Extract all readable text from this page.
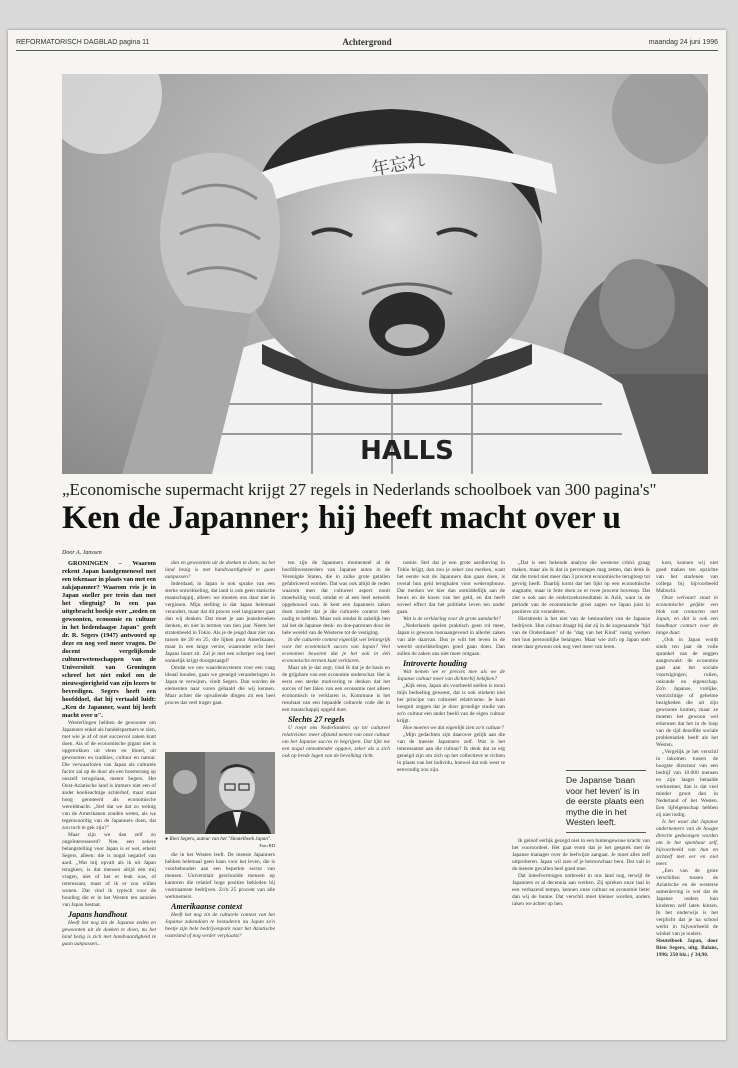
REFORMATORISCH DAGBLAD pagina 11	Achtergrond	maandag 24 juni 1996
年忘れ
HALLS
„Economische supermacht krijgt 27 regels in Nederlands schoolboek van 300 pagina's"
Ken de Japanner; hij heeft macht over u
Door A. Janssen

GRONINGEN – Waarom rekent Japan handgemenesel met een tekenaar in plaats van met een zakjapanner? Waarom reis je in Japan sneller per trein dan met het vliegtuig? In een pas uitgebracht boekje over „zeden en gewoonten, economie en cultuur in het hedendaagse Japan" geeft dr. R. Segers (1947) antwoord op deze en nog veel meer vragen. De docent vergelijkende cultuurwetenschappen van de Universiteit van Groningen schreef het niet enkel om de nieuwsgierigheid van zijn lezers te bevredigen. Segers heeft een hoofddoel, dat hij vertaald luidt: „Ken de Japanner, want hij heeft macht over u".

Westerlingen hebben de gewoonte om Japanners enkel als handelspartners te zien, met wie je af of niet succesvol zaken kunt doen. Als of de economische gigant niet is opgetrokken uit vlees en bloed, uit gewoonten en tradities, cultuur en natuur. Die verwaarlozen van Japan als culturele factor zal op de duur als een boemerang op onszelf terugslaan, meent Segers. Het Oost-Aziatische land is immers niet een of ander koelieachtige achterhof, maar staat hoog genoteerd als economische wereldmacht. „Stel dat we dat zo weinig van de Amerikanen zouden weten, als we tegenwoordig van de Japanners doen, dat zou toch te gek zijn?"

Maar zijn we dan zelf zo ongeïnteresseerd? Nee, een zekere belangstelling voor Japan is er wel, erkent Segers, alleen: die is nogal negatief van aard. „Wat mij opvalt als ik uit Japan terugkeer, is dat mensen altijd één mij vragen, niet of het er leuk was, of interessant, maar of ik er zou willen wonen. Dat vind ik typisch voor de houding die er in het Westen ten aanzien van Japan bestaat.

Japans handhout

Heeft het nog zin de Japanse zeden en gewoonten uit de doeken te doen, nu het land bezig is zich met handvaardigheid te gaan aanpassen...

dan en gewoonten uit de doeken te doen, nu het land bezig is met handvaardigheid te gaan aanpassen?

Inderdaad, in Japan is ook sprake van een sterke ontwikkeling, dat land is ook geen statische maatschappij, alleen: we moeten ons daar niet in vergissen. Mijn stelling is dat Japan helemaal verandert, maar dat dit proces veel langzamer gaat dan wij denken. Dat moet je aan jeansbroeken denken, en niet in termen van tien jaar. Neem het stratenbeeld in Tokio. Als je de jeugd daar ziet van tussen de 20 en 25, die lijken puur Amerikaans, maar in een lange versie, waaronder echt heel Japans hoort zit. Zal je met een scherper oog heel zonnelijk krijgt doorgezaagd?

Omdat we ons waardensysteem voor een vaag ideaal houden, gaan we geneigd veranderingen in Japan te verwijten, vindt Segers. Dan worden de elementen naar voren gehaald die wij kennen. Maar achter die opvallende dingen zit een heel proces dat veel trager gaat.

● Rien Segers, auteur van het "Sleutelboek Japan".
Foto RD

die in het Westen leeft. De meeste Japanners hebben helemaal geen baan voor het leven, die is voorbehouden aan een beperkte sector van mensen. Universitair geschoolde mensen op kantoren die relatief hoge posities bekleden bij voornaamste bedrijven. Zo'n 25 procent van alle werknemers.

Amerikaanse context

Heeft het nog zin de culturele context van het Japanse zakendoen te bestuderen nu Japan zo'n beetje zijn hele bedrijvenpark naar het Aziatische vasteland of nog verder verplaatst?

ten zijn de Japanners momenteel al de hoofdinvesteerders van Japanse autos in de Verenigde Staten, die in zulke grote getallen gefabriceerd worden. Dat was ook altijd de reden waarom men dat cultureel aspect nooit moedwillig vond, omdat er al een heel netwerk opgebouwd was. Je kent een Japanners zaken doen zonder dat je die culturele context leek nodig te hebben. Maar ook omdat ik zakelijk ben zal het de Japanse denk- en doe-patronen door de hele wereld van de Westerse tot de vestiging.

In die culturele context eigenlijk wel belangrijk voor het economisch succes van Japan? Veel economen beweren dat je het ook in één economische termen kunt verklaren.

Maar als je dat zegt, vind ik dat je de basis en de grijpbare van een economie onderschat. Het is eerst een sterke motivering te denken dat het succes of het falen van een economie niet alleen economisch te verklaren is. Kommune is het resultaat van een bepaalde culturele code die in een maatschappij opgeld doet.

Slechts 27 regels

U roept ons Nederlanders op tot cultureel relativisme: meer afstand nemen van onze cultuur om het Japanse succes te begrijpen. Dat lijkt me een nogal omvattender opgave, zeker als u zich ook op brede lagen van de bevolking richt.

nomie. Stel dat je een grote aardbeving in Tokio krijgt, dan zou je zeker zou merken, want het eerste wat de Japanners dan gaan doen, is overal hun geld terughalen voor wederopbouw. Dat merken we hier dan onmiddellijk aan de beurs en de koers van het geld, en dat heeft zoveel effect dat het politieke leven ten onder gaan.

Wat is de verklaring voor de grote aandacht?

„Nederlands spelen praktisch geen rol meer, Japan is gewoon toonaangevend in allerlei zaken van alle daarvan. Dus je wilt het leven in de wereld ontwikkelingen goed gaan doen. Dan zullen de zaken ons niet meer ontgaan.

Introverte houding

Wat nemen we er precies mee als we de Japanse cultuur meer van dichterbij bekijken?

„Kijk eens, Japan als voorbeeld stellen is mooi mijn bedoeling geweest, dat is ook stiekem niet het principe van cultureel relativisme. Je kunt hooguit zeggen dat je door grondige studie van zo'n cultuur een ander beeld van de eigen cultuur krijgt.

Hoe moeten we dat eigenlijk zien zo'n cultuur?

„Mijn gedachten zijn daarover gelijk aan die van de meeste Japanners zelf. Wat is het interessantst aan die cultuur? Ik denk dat ze erg geneigd zijn om zich op het collectieve te richten in plaats van het individu, hoewel dat ook weer te eenvoudig zou zijn.

„Dat is een bekende analyse die westerse critici graag maken, maar als ik dat in percentages mag zetten, dan denk ik dat die trend niet meer dan 3 procent economische terugloop tot gevolg heeft. Daarbij komt dat het lijkt op een economische stagnatie, maar in feite doen ze er twee procent bovenop. Dat ziet u ook aan de onderzoeksresultaten in Azië, want in de periode van de economische groei zagen we Japan juist in positieve zin veranderen.

Hierstreekt is het niet van de bestuurders van de Japanse bedrijven. Hun cultuur draagt bij dat zij in de zogenaamde "tijd van de Onderdanen" of de "dag van het Kind" rustig werken met hun persoonlijke belangen. Maar wie zich op Japan stelt moet daar gewoon ook nog veel meer van leren.

De Japanse 'baan voor het leven' is in de eerste plaats een mythe die in het Westen leeft.

Ik geloof eerlijk gezegd niet in een buitengewone kracht van het vooroordeel. Het gaat erom dat je het gesprek met de Japanse manager over de leefwijze aangaat. Je moet alles zelf uitproberen. Japan wil zien of je betrouwbaar bent. Dat valt in de meeste gevallen heel goed mee.

Dat inleefvermogen ontbreekt in ons land nog, terwijl de Japanners er al decennia aan werken. Zij spreken onze taal in een verbazend tempo, kennen onze cultuur en economie beter dan wij de hunne. Dat verschil moet kleiner worden, anders raken we achter op hen.

kost, kunnen wij niet goed maken ten opzichte van het starlenen van collega bij bijvoorbeeld Mabuchi.

Onze welvaart staat in economische geijkte een blok van contacten met Japan, en dat is ook een houdbaar contact voor de lange duur.

„Ook in Japan wordt sinds ten jaar de volle sprankel van de zeggen aangezwakt: de economie gaat aan het sociale voortsigingen; ruilen, onkunde en eigenschap. Zo'n Japanse, vrolijke, voorzichtige of geheime bezigheden die uit zijn gewoonte komen, maar ze moeten het gewoon wel erkennen dat het in de loop van de tijd dezelfde sociale problematiek heeft als het Westen.

„Vergelijk je het verschil in inkomen tussen de hoogste directeur van een bedrijf van 10.000 mensen en zijn laagst betaalde werknemer, dan is dat veel minder groot dan in Nederland of het Westen. Een lijfeigenschap hebben zij niet nodig.

Is het waar dat Japanse ondernemers van de hoogte directie gedwongen worden om in het openbaar zelf, bijvoorbeeld van hun en zichzelf met eer en niet meer.

„Een van de grote verschillen tussen de Aziatische en de westerse samenleving is wel dat de Japanse ouders hun kinderen zelf laten kiezen. In het onderwijs is het verplicht dat je na school werkt in bijvoorbeeld de winkel van je ouders.

Sleutelboek Japan, door Rien Segers, uitg. Balans, 1996; 250 blz.; ƒ 34,90.
